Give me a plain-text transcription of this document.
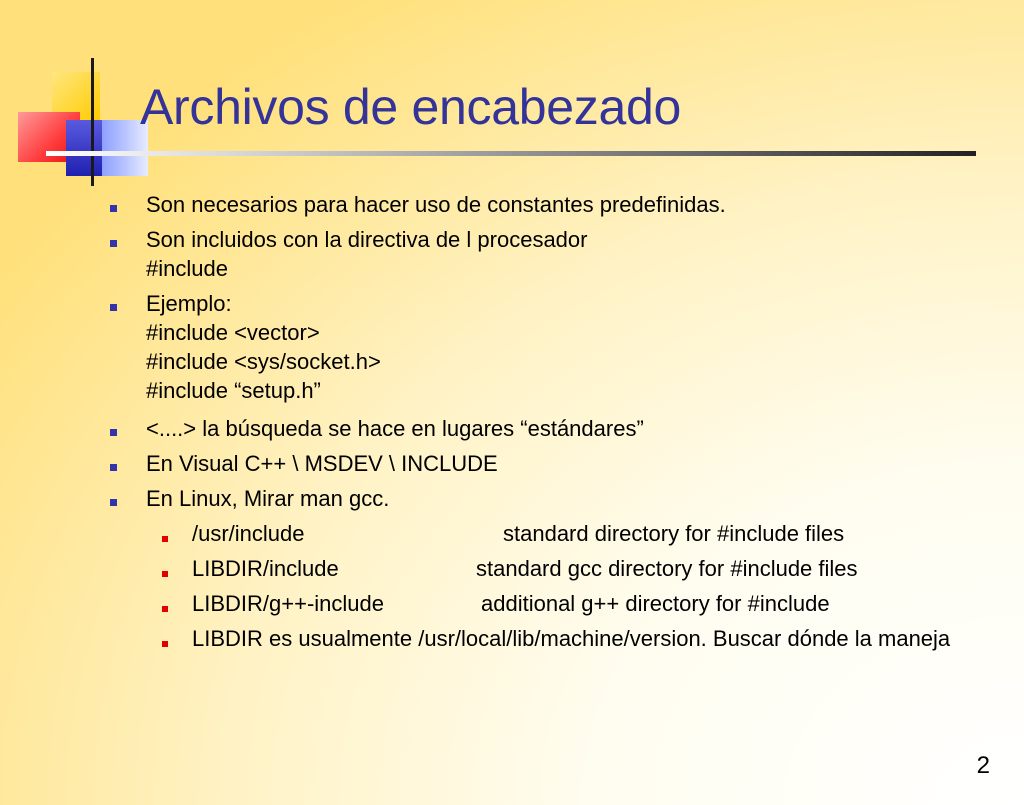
Archivos de encabezado
Son necesarios para hacer uso de constantes predefinidas.
Son incluidos con la directiva de l procesador
#include
Ejemplo:
#include <vector>
#include <sys/socket.h>
#include “setup.h”
<....> la búsqueda se hace en lugares “estándares”
En Visual C++ \ MSDEV \ INCLUDE
En Linux, Mirar man gcc.
/usr/include	standard directory for #include files
LIBDIR/include	standard gcc directory for #include files
LIBDIR/g++-include	additional g++ directory for #include
LIBDIR es usualmente /usr/local/lib/machine/version. Buscar dónde la maneja
2
